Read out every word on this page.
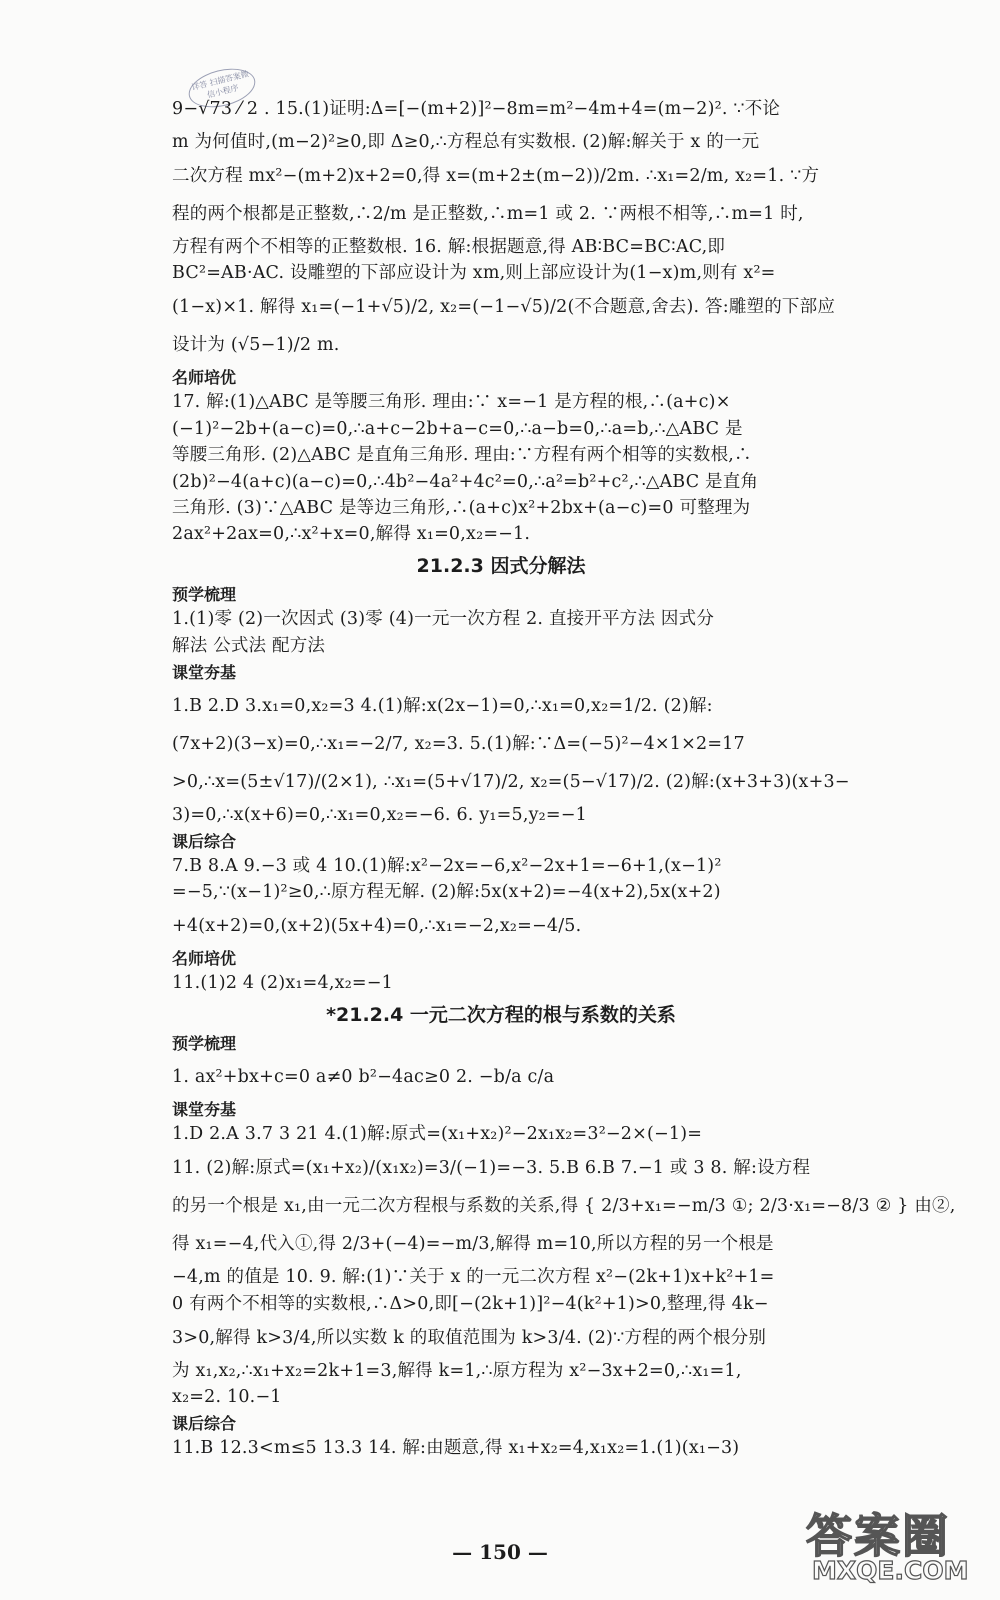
详答 扫描答案微信小程序
9−√73 ⁄ 2 . 15.(1)证明:Δ=[−(m+2)]²−8m=m²−4m+4=(m−2)². ∵不论
m 为何值时,(m−2)²≥0,即 Δ≥0,∴方程总有实数根. (2)解:解关于 x 的一元
二次方程 mx²−(m+2)x+2=0,得 x=(m+2±(m−2))/2m. ∴x₁=2/m, x₂=1. ∵方
程的两个根都是正整数,∴2/m 是正整数,∴m=1 或 2. ∵两根不相等,∴m=1 时,
方程有两个不相等的正整数根. 16. 解:根据题意,得 AB∶BC=BC∶AC,即
BC²=AB·AC. 设雕塑的下部应设计为 xm,则上部应设计为(1−x)m,则有 x²=
(1−x)×1. 解得 x₁=(−1+√5)/2, x₂=(−1−√5)/2(不合题意,舍去). 答:雕塑的下部应
设计为 (√5−1)/2 m.
名师培优
17. 解:(1)△ABC 是等腰三角形. 理由:∵ x=−1 是方程的根,∴(a+c)×
(−1)²−2b+(a−c)=0,∴a+c−2b+a−c=0,∴a−b=0,∴a=b,∴△ABC 是
等腰三角形. (2)△ABC 是直角三角形. 理由:∵方程有两个相等的实数根,∴
(2b)²−4(a+c)(a−c)=0,∴4b²−4a²+4c²=0,∴a²=b²+c²,∴△ABC 是直角
三角形. (3)∵△ABC 是等边三角形,∴(a+c)x²+2bx+(a−c)=0 可整理为
2ax²+2ax=0,∴x²+x=0,解得 x₁=0,x₂=−1.
21.2.3 因式分解法
预学梳理
1.(1)零 (2)一次因式 (3)零 (4)一元一次方程 2. 直接开平方法 因式分
解法 公式法 配方法
课堂夯基
1.B 2.D 3.x₁=0,x₂=3 4.(1)解:x(2x−1)=0,∴x₁=0,x₂=1/2. (2)解:
(7x+2)(3−x)=0,∴x₁=−2/7, x₂=3. 5.(1)解:∵Δ=(−5)²−4×1×2=17
>0,∴x=(5±√17)/(2×1), ∴x₁=(5+√17)/2, x₂=(5−√17)/2. (2)解:(x+3+3)(x+3−
3)=0,∴x(x+6)=0,∴x₁=0,x₂=−6. 6. y₁=5,y₂=−1
课后综合
7.B 8.A 9.−3 或 4 10.(1)解:x²−2x=−6,x²−2x+1=−6+1,(x−1)²
=−5,∵(x−1)²≥0,∴原方程无解. (2)解:5x(x+2)=−4(x+2),5x(x+2)
+4(x+2)=0,(x+2)(5x+4)=0,∴x₁=−2,x₂=−4/5.
名师培优
11.(1)2 4 (2)x₁=4,x₂=−1
*21.2.4 一元二次方程的根与系数的关系
预学梳理
1. ax²+bx+c=0 a≠0 b²−4ac≥0 2. −b/a c/a
课堂夯基
1.D 2.A 3.7 3 21 4.(1)解:原式=(x₁+x₂)²−2x₁x₂=3²−2×(−1)=
11. (2)解:原式=(x₁+x₂)/(x₁x₂)=3/(−1)=−3. 5.B 6.B 7.−1 或 3 8. 解:设方程
的另一个根是 x₁,由一元二次方程根与系数的关系,得 { 2/3+x₁=−m/3 ①; 2/3·x₁=−8/3 ② } 由②,
得 x₁=−4,代入①,得 2/3+(−4)=−m/3,解得 m=10,所以方程的另一个根是
−4,m 的值是 10. 9. 解:(1)∵关于 x 的一元二次方程 x²−(2k+1)x+k²+1=
0 有两个不相等的实数根,∴Δ>0,即[−(2k+1)]²−4(k²+1)>0,整理,得 4k−
3>0,解得 k>3/4,所以实数 k 的取值范围为 k>3/4. (2)∵方程的两个根分别
为 x₁,x₂,∴x₁+x₂=2k+1=3,解得 k=1,∴原方程为 x²−3x+2=0,∴x₁=1,
x₂=2. 10.−1
课后综合
11.B 12.3<m≤5 13.3 14. 解:由题意,得 x₁+x₂=4,x₁x₂=1.(1)(x₁−3)
— 150 —	答案圈
MXQE.COM
